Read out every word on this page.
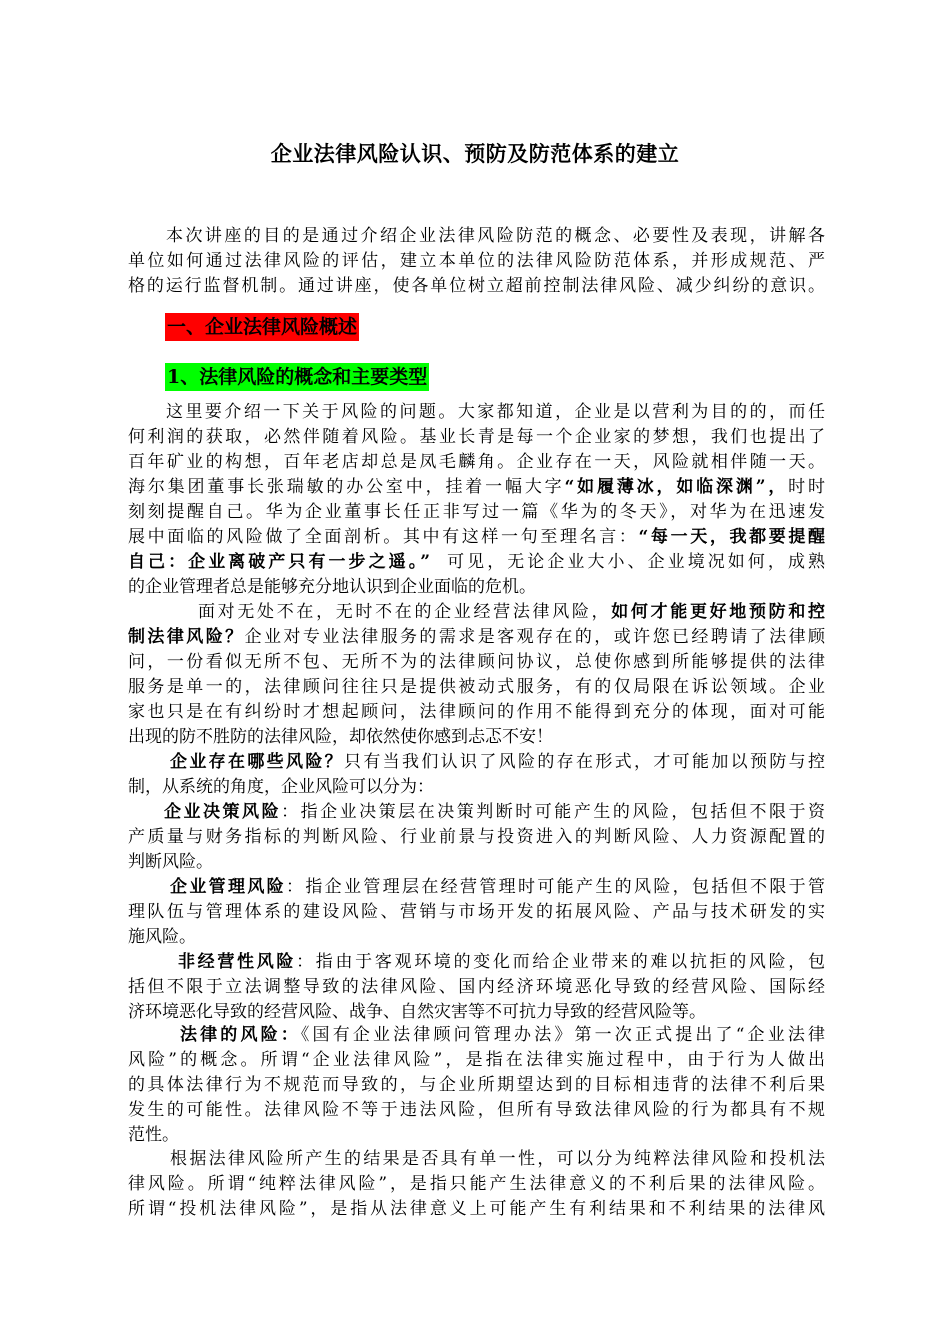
企业法律风险认识、预防及防范体系的建立
本次讲座的目的是通过介绍企业法律风险防范的概念、必要性及表现，讲解各
单位如何通过法律风险的评估，建立本单位的法律风险防范体系，并形成规范、严
格的运行监督机制。通过讲座，使各单位树立超前控制法律风险、减少纠纷的意识。
一、企业法律风险概述
1、法律风险的概念和主要类型
这里要介绍一下关于风险的问题。大家都知道，企业是以营利为目的的，而任
何利润的获取，必然伴随着风险。基业长青是每一个企业家的梦想，我们也提出了
百年矿业的构想，百年老店却总是凤毛麟角。企业存在一天，风险就相伴随一天。
海尔集团董事长张瑞敏的办公室中，挂着一幅大字“如履薄冰，如临深渊”，时时
刻刻提醒自己。华为企业董事长任正非写过一篇《华为的冬天》，对华为在迅速发
展中面临的风险做了全面剖析。其中有这样一句至理名言：“每一天，我都要提醒
自己：企业离破产只有一步之遥。” 可见，无论企业大小、企业境况如何，成熟
的企业管理者总是能够充分地认识到企业面临的危机。
面对无处不在，无时不在的企业经营法律风险，如何才能更好地预防和控
制法律风险？企业对专业法律服务的需求是客观存在的，或许您已经聘请了法律顾
问，一份看似无所不包、无所不为的法律顾问协议，总使你感到所能够提供的法律
服务是单一的，法律顾问往往只是提供被动式服务，有的仅局限在诉讼领域。企业
家也只是在有纠纷时才想起顾问，法律顾问的作用不能得到充分的体现，面对可能
出现的防不胜防的法律风险，却依然使你感到忐忑不安！
企业存在哪些风险？只有当我们认识了风险的存在形式，才可能加以预防与控
制，从系统的角度，企业风险可以分为：
企业决策风险：指企业决策层在决策判断时可能产生的风险，包括但不限于资
产质量与财务指标的判断风险、行业前景与投资进入的判断风险、人力资源配置的
判断风险。
企业管理风险：指企业管理层在经营管理时可能产生的风险，包括但不限于管
理队伍与管理体系的建设风险、营销与市场开发的拓展风险、产品与技术研发的实
施风险。
非经营性风险：指由于客观环境的变化而给企业带来的难以抗拒的风险，包
括但不限于立法调整导致的法律风险、国内经济环境恶化导致的经营风险、国际经
济环境恶化导致的经营风险、战争、自然灾害等不可抗力导致的经营风险等。
法律的风险：《国有企业法律顾问管理办法》第一次正式提出了“企业法律
风险”的概念。所谓“企业法律风险”，是指在法律实施过程中，由于行为人做出
的具体法律行为不规范而导致的，与企业所期望达到的目标相违背的法律不利后果
发生的可能性。法律风险不等于违法风险，但所有导致法律风险的行为都具有不规
范性。
根据法律风险所产生的结果是否具有单一性，可以分为纯粹法律风险和投机法
律风险。所谓“纯粹法律风险”，是指只能产生法律意义的不利后果的法律风险。
所谓“投机法律风险”，是指从法律意义上可能产生有利结果和不利结果的法律风
